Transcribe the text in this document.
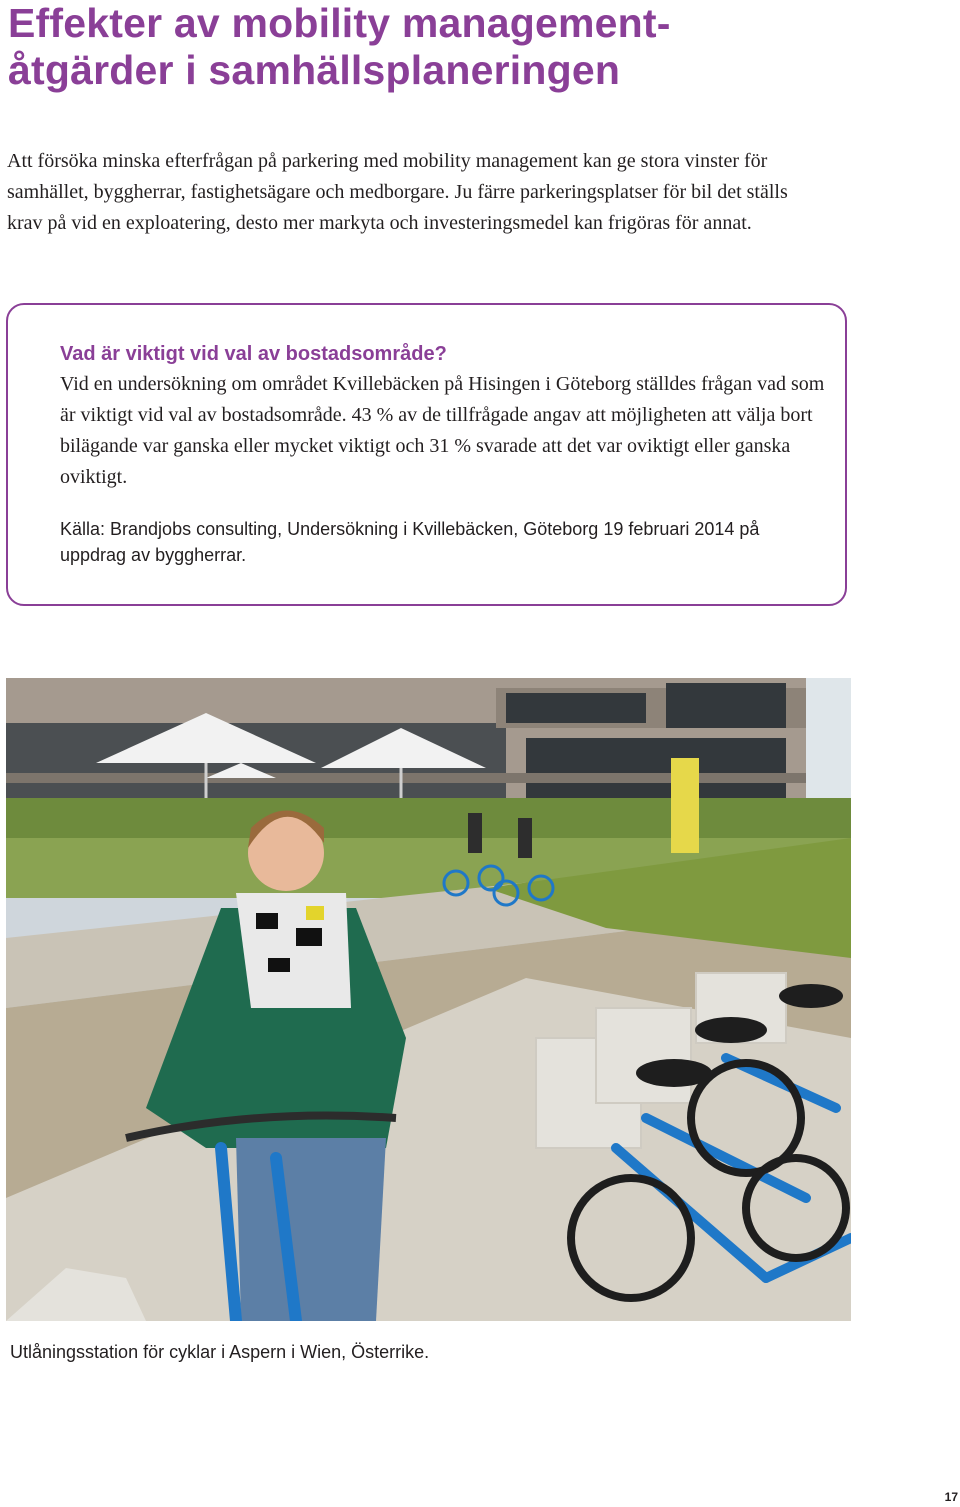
Effekter av mobility management-
åtgärder i samhällsplaneringen

Att försöka minska efterfrågan på parkering med mobility management kan ge stora vinster för samhället, byggherrar, fastighetsägare och medborgare. Ju färre parkeringsplatser för bil det ställs krav på vid en exploatering, desto mer markyta och investeringsmedel kan frigöras för annat.

Vad är viktigt vid val av bostadsområde?

Vid en undersökning om området Kvillebäcken på Hisingen i Göteborg ställdes frågan vad som är viktigt vid val av bostadsområde. 43 % av de tillfrågade angav att möjligheten att välja bort bilägande var ganska eller mycket viktigt och 31 % svarade att det var oviktigt eller ganska oviktigt.

Källa: Brandjobs consulting, Undersökning i Kvillebäcken, Göteborg 19 februari 2014 på uppdrag av byggherrar.

Utlåningsstation för cyklar i Aspern i Wien, Österrike.

17
